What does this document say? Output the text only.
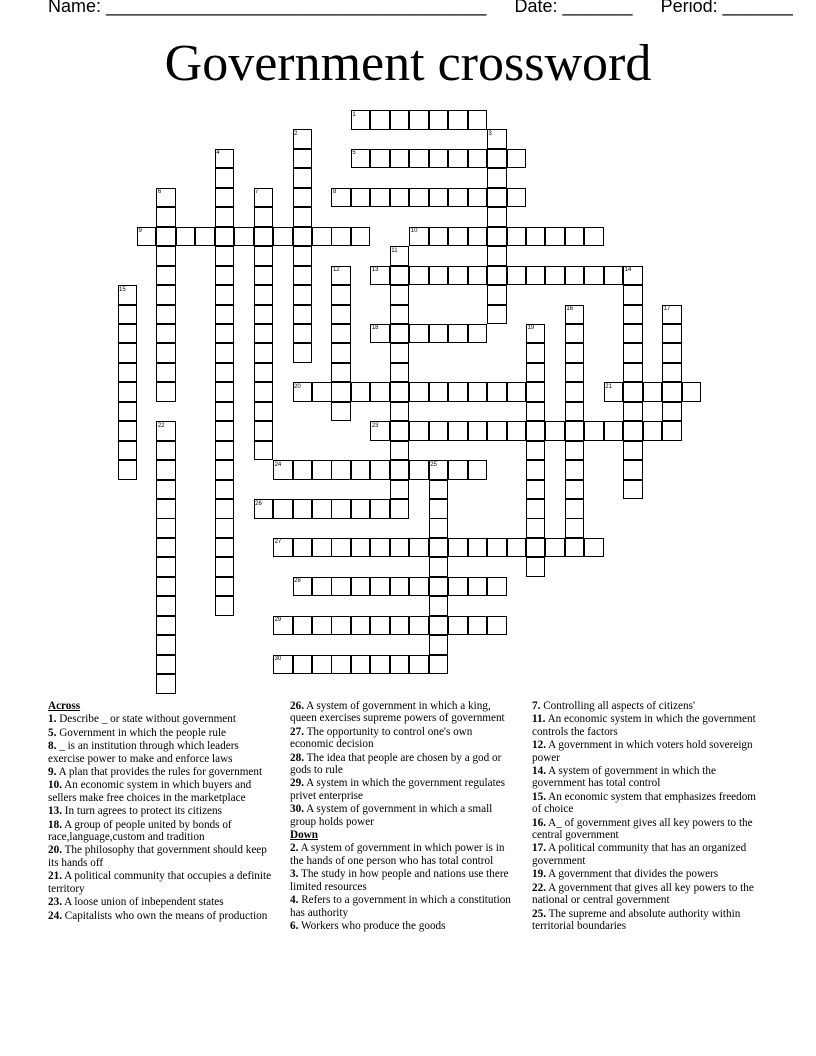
Name: ______________________________________ Date: _______ Period: _______
Government crossword
1
2	3
4	5
6	7	8
9	10
11
12	13	14
15
16	17
18	19
20	21
22	23
24	25
26
27
28
29
30
Across
1. Describe _ or state without government
5. Government in which the people rule
8. _ is an institution through which leaders exercise power to make and enforce laws
9. A plan that provides the rules for government
10. An economic system in which buyers and sellers make free choices in the marketplace
13. In turn agrees to protect its citizens
18. A group of people united by bonds of race,language,custom and tradition
20. The philosophy that government should keep its hands off
21. A political community that occupies a definite territory
23. A loose union of inbependent states
24. Capitalists who own the means of production
26. A system of government in which a king, queen exercises supreme powers of government
27. The opportunity to control one's own economic decision
28. The idea that people are chosen by a god or gods to rule
29. A system in which the government regulates privet enterprise
30. A system of government in which a small group holds power
Down
2. A system of government in which power is in the hands of one person who has total control
3. The study in how people and nations use there limited resources
4. Refers to a government in which a constitution has authority
6. Workers who produce the goods
7. Controlling all aspects of citizens'
11. An economic system in which the government controls the factors
12. A government in which voters hold sovereign power
14. A system of government in which the government has total control
15. An economic system that emphasizes freedom of choice
16. A_ of government gives all key powers to the central government
17. A political community that has an organized government
19. A government that divides the powers
22. A government that gives all key powers to the national or central government
25. The supreme and absolute authority within territorial boundaries
